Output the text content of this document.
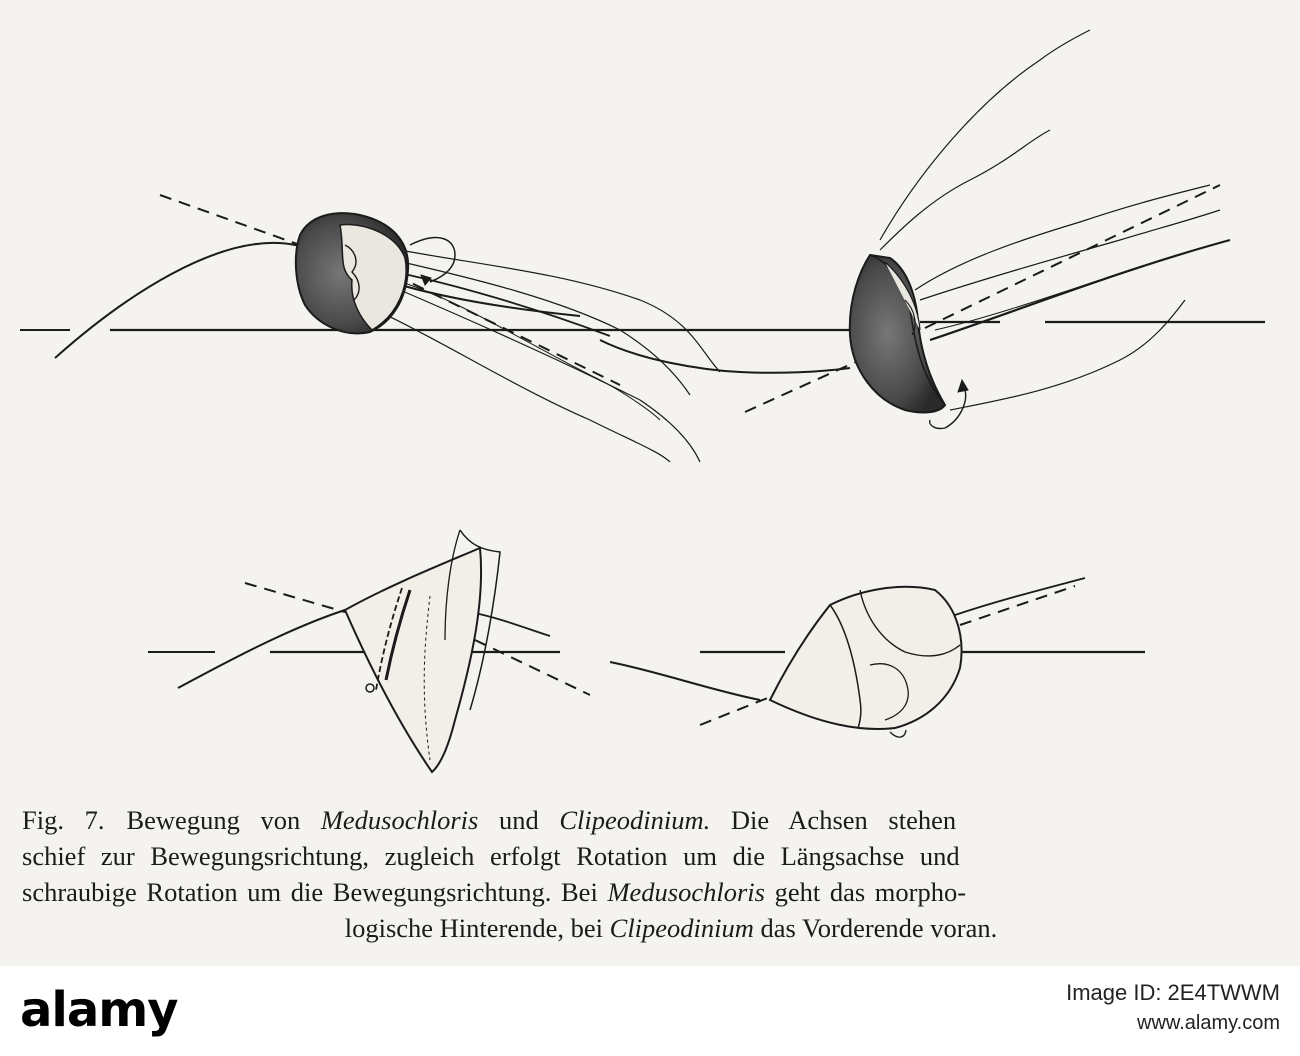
Fig. 7. Bewegung von Medusochloris und Clipeodinium. Die Achsen stehen
schief zur Bewegungsrichtung, zugleich erfolgt Rotation um die Längsachse und
schraubige Rotation um die Bewegungsrichtung. Bei Medusochloris geht das morpho-
logische Hinterende, bei Clipeodinium das Vorderende voran.

alamy	Image ID: 2E4TWWM
www.alamy.com
